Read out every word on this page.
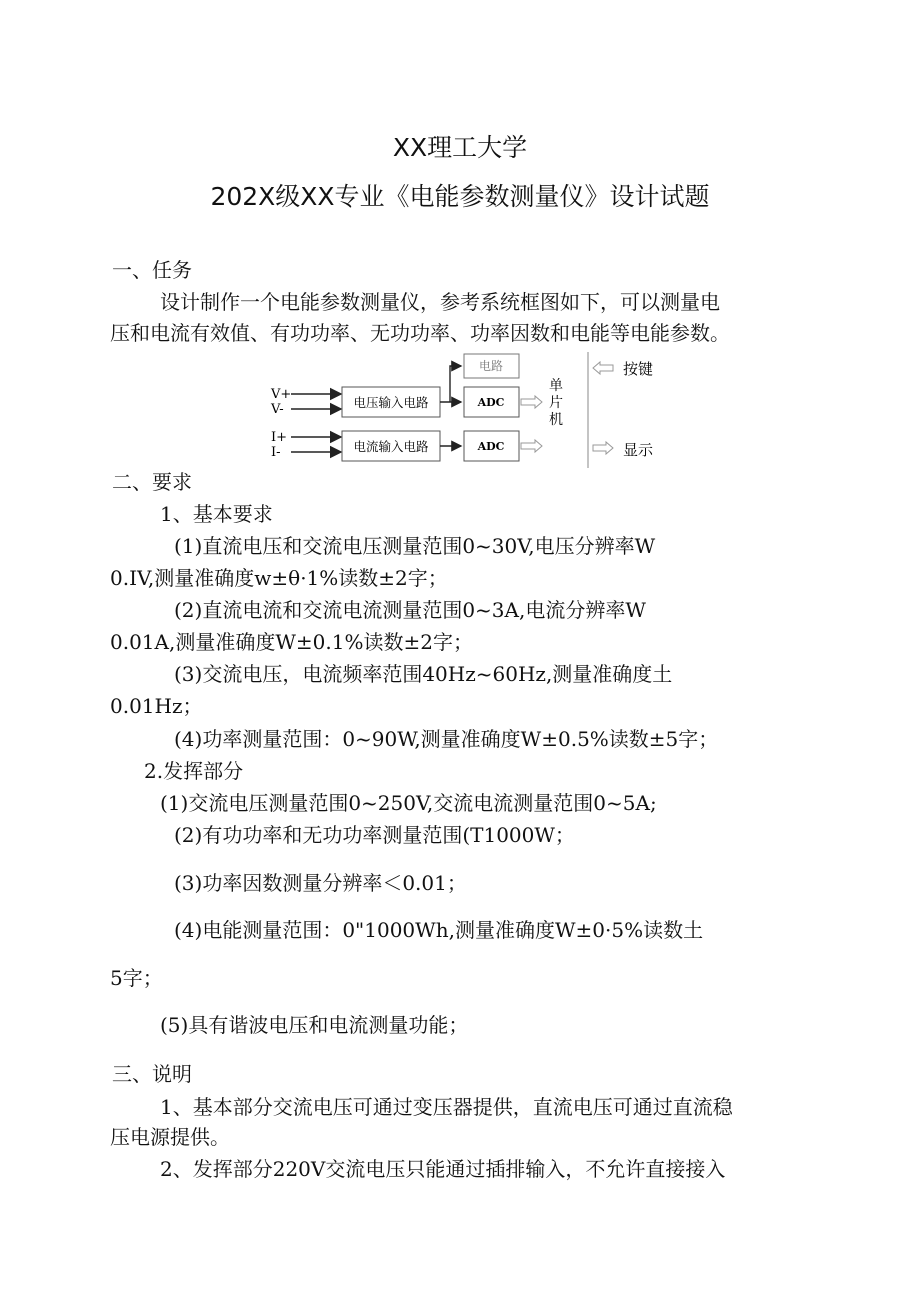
XX理工大学
202X级XX专业《电能参数测量仪》设计试题
一、任务
设计制作一个电能参数测量仪，参考系统框图如下，可以测量电
压和电流有效值、有功功率、无功功率、功率因数和电能等电能参数。
V+
V-
I+
I-
电压输入电路
电流输入电路
电路
ADC
ADC
单
片
机
按键
显示
二、要求
1、基本要求
(1)直流电压和交流电压测量范围0~30V,电压分辨率W
0.IV,测量准确度w±θ·1%读数±2字；
(2)直流电流和交流电流测量范围0~3A,电流分辨率W
0.01A,测量准确度W±0.1%读数±2字；
(3)交流电压，电流频率范围40Hz~60Hz,测量准确度土
0.01Hz；
(4)功率测量范围：0~90W,测量准确度W±0.5%读数±5字；
2.发挥部分
(1)交流电压测量范围0~250V,交流电流测量范围0~5A;
(2)有功功率和无功功率测量范围(T1000W；
(3)功率因数测量分辨率＜0.01；
(4)电能测量范围：0"1000Wh,测量准确度W±0·5%读数土
5字；
(5)具有谐波电压和电流测量功能；
三、说明
1、基本部分交流电压可通过变压器提供，直流电压可通过直流稳
压电源提供。
2、发挥部分220V交流电压只能通过插排输入，不允许直接接入
